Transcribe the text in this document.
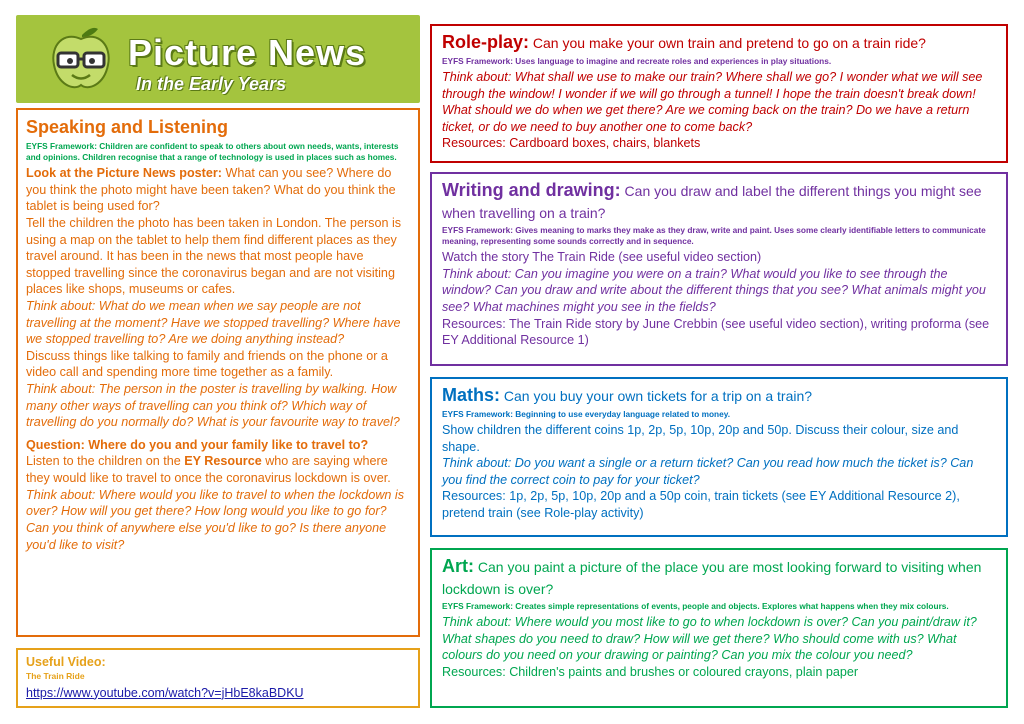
Picture News
In the Early Years
Speaking and Listening
EYFS Framework: Children are confident to speak to others about own needs, wants, interests and opinions. Children recognise that a range of technology is used in places such as homes.
Look at the Picture News poster: What can you see? Where do you think the photo might have been taken? What do you think the tablet is being used for?
Tell the children the photo has been taken in London. The person is using a map on the tablet to help them find different places as they travel around. It has been in the news that most people have stopped travelling since the coronavirus began and are not visiting places like shops, museums or cafes.
Think about: What do we mean when we say people are not travelling at the moment? Have we stopped travelling? Where have we stopped travelling to? Are we doing anything instead?
Discuss things like talking to family and friends on the phone or a video call and spending more time together as a family.
Think about: The person in the poster is travelling by walking. How many other ways of travelling can you think of? Which way of travelling do you normally do? What is your favourite way to travel?
Question: Where do you and your family like to travel to?
Listen to the children on the EY Resource who are saying where they would like to travel to once the coronavirus lockdown is over.
Think about: Where would you like to travel to when the lockdown is over? How will you get there? How long would you like to go for? Can you think of anywhere else you'd like to go? Is there anyone you'd like to visit?
Useful Video:
The Train Ride
https://www.youtube.com/watch?v=jHbE8kaBDKU
Role-play: Can you make your own train and pretend to go on a train ride?
EYFS Framework: Uses language to imagine and recreate roles and experiences in play situations.
Think about: What shall we use to make our train? Where shall we go? I wonder what we will see through the window! I wonder if we will go through a tunnel! I hope the train doesn't break down! What should we do when we get there? Are we coming back on the train? Do we have a return ticket, or do we need to buy another one to come back?
Resources: Cardboard boxes, chairs, blankets
Writing and drawing: Can you draw and label the different things you might see when travelling on a train?
EYFS Framework: Gives meaning to marks they make as they draw, write and paint. Uses some clearly identifiable letters to communicate meaning, representing some sounds correctly and in sequence.
Watch the story The Train Ride (see useful video section)
Think about: Can you imagine you were on a train? What would you like to see through the window? Can you draw and write about the different things that you see? What animals might you see? What machines might you see in the fields?
Resources: The Train Ride story by June Crebbin (see useful video section), writing proforma (see EY Additional Resource 1)
Maths: Can you buy your own tickets for a trip on a train?
EYFS Framework: Beginning to use everyday language related to money.
Show children the different coins 1p, 2p, 5p, 10p, 20p and 50p. Discuss their colour, size and shape.
Think about: Do you want a single or a return ticket? Can you read how much the ticket is? Can you find the correct coin to pay for your ticket?
Resources: 1p, 2p, 5p, 10p, 20p and a 50p coin, train tickets (see EY Additional Resource 2), pretend train (see Role-play activity)
Art: Can you paint a picture of the place you are most looking forward to visiting when lockdown is over?
EYFS Framework: Creates simple representations of events, people and objects. Explores what happens when they mix colours.
Think about: Where would you most like to go to when lockdown is over? Can you paint/draw it? What shapes do you need to draw? How will we get there? Who should come with us? What colours do you need on your drawing or painting? Can you mix the colour you need?
Resources: Children's paints and brushes or coloured crayons, plain paper
